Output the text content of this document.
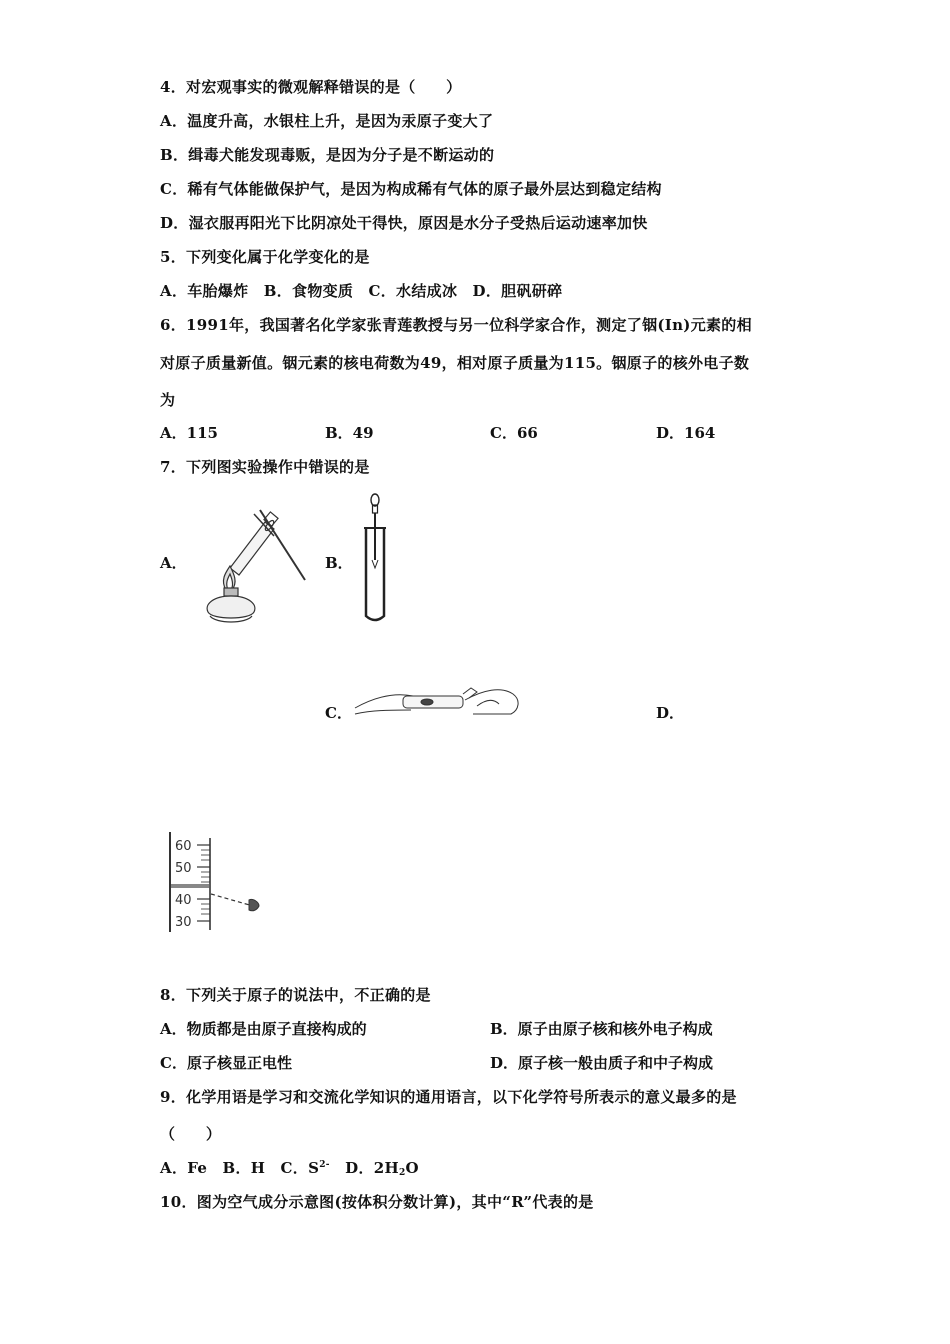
4．对宏观事实的微观解释错误的是（　　）
A．温度升高，水银柱上升，是因为汞原子变大了
B．缉毒犬能发现毒贩，是因为分子是不断运动的
C．稀有气体能做保护气，是因为构成稀有气体的原子最外层达到稳定结构
D．湿衣服再阳光下比阴凉处干得快，原因是水分子受热后运动速率加快
5．下列变化属于化学变化的是
A．车胎爆炸　B．食物变质　C．水结成冰　D．胆矾研碎
6．1991年，我国著名化学家张青莲教授与另一位科学家合作，测定了铟(In)元素的相
对原子质量新值。铟元素的核电荷数为49，相对原子质量为115。铟原子的核外电子数
为
A．115	B．49	C．66	D．164
7．下列图实验操作中错误的是
A．	B．
C．	D．
60
50
40
30
8．下列关于原子的说法中，不正确的是
A．物质都是由原子直接构成的	B．原子由原子核和核外电子构成
C．原子核显正电性	D．原子核一般由质子和中子构成
9．化学用语是学习和交流化学知识的通用语言，以下化学符号所表示的意义最多的是
（　　）
A．Fe　B．H　C．$S^{2-}$　D．$2H_2O$
10．图为空气成分示意图(按体积分数计算)，其中“R”代表的是
